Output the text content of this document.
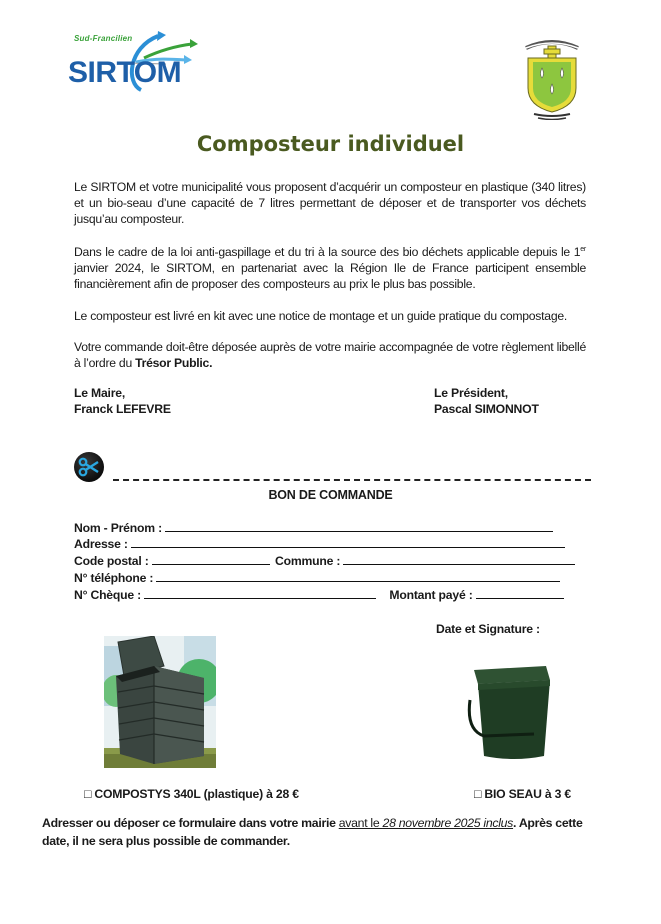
Sud-Francilien
SIRTOM
Composteur individuel
Le SIRTOM et votre municipalité vous proposent d’acquérir un composteur en plastique (340 litres) et un bio-seau d’une capacité de 7 litres permettant de déposer et de transporter vos déchets jusqu’au composteur.
Dans le cadre de la loi anti-gaspillage et du tri à la source des bio déchets applicable depuis le 1er janvier 2024, le SIRTOM, en partenariat avec la Région Ile de France participent ensemble financièrement afin de proposer des composteurs au prix le plus bas possible.
Le composteur est livré en kit avec une notice de montage et un guide pratique du compostage.
Votre commande doit-être déposée auprès de votre mairie accompagnée de votre règlement libellé à l’ordre du Trésor Public.
Le Maire,
Franck LEFEVRE
Le Président,
Pascal SIMONNOT
BON DE COMMANDE
Nom - Prénom :
Adresse :
Code postal :	Commune :
N° téléphone :
N° Chèque :	Montant payé :
Date et Signature :
□ COMPOSTYS 340L (plastique) à 28 €	□ BIO SEAU à 3 €
Adresser ou déposer ce formulaire dans votre mairie avant le 28 novembre 2025 inclus. Après cette date, il ne sera plus possible de commander.
